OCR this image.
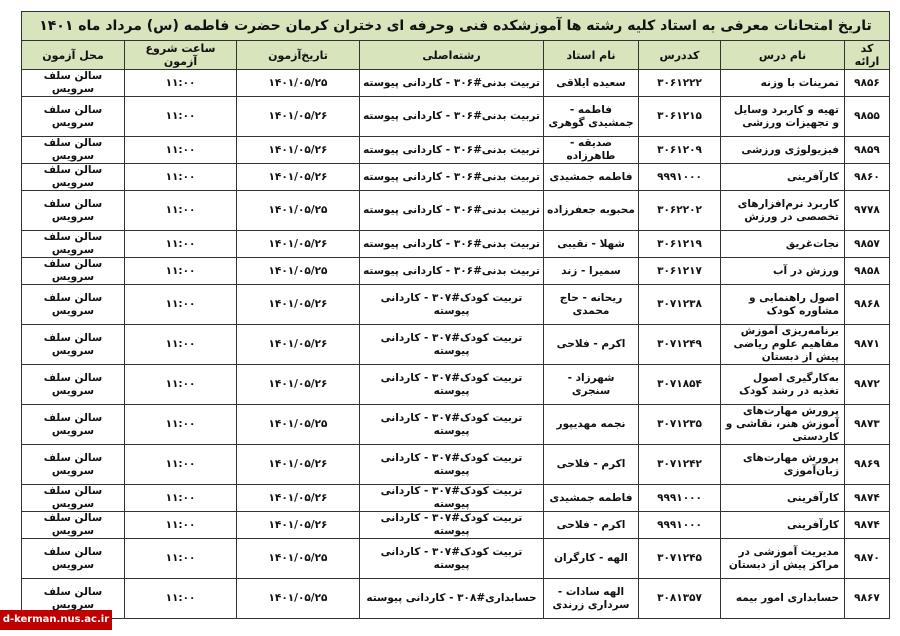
تاریخ امتحانات معرفی به استاد کلیه رشته ها آموزشکده فنی وحرفه ای دختران کرمان حضرت فاطمه (س) مرداد ماه ۱۴۰۱							
کد ارائه	نام درس	کددرس	نام استاد	رشته‌اصلی	تاریخ‌آزمون	ساعت شروع آزمون	محل آزمون
۹۸۵۶	تمرینات با وزنه	۳۰۶۱۲۲۲	سعیده ایلاقی	تربیت بدنی#۳۰۶ - کاردانی پیوسته	۱۴۰۱/۰۵/۲۵	۱۱:۰۰	سالن سلف سرویس
۹۸۵۵	تهیه و کاربرد وسایل و تجهیزات ورزشی	۳۰۶۱۲۱۵	فاطمه - جمشیدی گوهری	تربیت بدنی#۳۰۶ - کاردانی پیوسته	۱۴۰۱/۰۵/۲۶	۱۱:۰۰	سالن سلف سرویس
۹۸۵۹	فیزیولوژی ورزشی	۳۰۶۱۲۰۹	صدیقه - طاهرزاده	تربیت بدنی#۳۰۶ - کاردانی پیوسته	۱۴۰۱/۰۵/۲۶	۱۱:۰۰	سالن سلف سرویس
۹۸۶۰	کارآفرینی	۹۹۹۱۰۰۰	فاطمه جمشیدی	تربیت بدنی#۳۰۶ - کاردانی پیوسته	۱۴۰۱/۰۵/۲۶	۱۱:۰۰	سالن سلف سرویس
۹۷۷۸	کاربرد نرم‌افزارهای تخصصی در ورزش	۳۰۶۲۲۰۲	محبوبه جعفرزاده	تربیت بدنی#۳۰۶ - کاردانی پیوسته	۱۴۰۱/۰۵/۲۵	۱۱:۰۰	سالن سلف سرویس
۹۸۵۷	نجات‌غریق	۳۰۶۱۲۱۹	شهلا - نقیبی	تربیت بدنی#۳۰۶ - کاردانی پیوسته	۱۴۰۱/۰۵/۲۶	۱۱:۰۰	سالن سلف سرویس
۹۸۵۸	ورزش در آب	۳۰۶۱۲۱۷	سمیرا - زند	تربیت بدنی#۳۰۶ - کاردانی پیوسته	۱۴۰۱/۰۵/۲۵	۱۱:۰۰	سالن سلف سرویس
۹۸۶۸	اصول راهنمایی و مشاوره کودک	۳۰۷۱۲۳۸	ریحانه - حاج محمدی	تربیت کودک#۳۰۷ - کاردانی پیوسته	۱۴۰۱/۰۵/۲۶	۱۱:۰۰	سالن سلف سرویس
۹۸۷۱	برنامه‌ریزی آموزش مفاهیم علوم ریاضی پیش از دبستان	۳۰۷۱۲۴۹	اکرم - فلاحی	تربیت کودک#۳۰۷ - کاردانی پیوسته	۱۴۰۱/۰۵/۲۶	۱۱:۰۰	سالن سلف سرویس
۹۸۷۲	به‌کارگیری اصول تغذیه در رشد کودک	۳۰۷۱۸۵۴	شهرزاد - سنجری	تربیت کودک#۳۰۷ - کاردانی پیوسته	۱۴۰۱/۰۵/۲۶	۱۱:۰۰	سالن سلف سرویس
۹۸۷۳	پرورش مهارت‌های آموزش هنر، نقاشی و کاردستی	۳۰۷۱۲۳۵	نجمه مهدیپور	تربیت کودک#۳۰۷ - کاردانی پیوسته	۱۴۰۱/۰۵/۲۵	۱۱:۰۰	سالن سلف سرویس
۹۸۶۹	پرورش مهارت‌های زبان‌آموزی	۳۰۷۱۲۴۲	اکرم - فلاحی	تربیت کودک#۳۰۷ - کاردانی پیوسته	۱۴۰۱/۰۵/۲۶	۱۱:۰۰	سالن سلف سرویس
۹۸۷۴	کارآفرینی	۹۹۹۱۰۰۰	فاطمه جمشیدی	تربیت کودک#۳۰۷ - کاردانی پیوسته	۱۴۰۱/۰۵/۲۶	۱۱:۰۰	سالن سلف سرویس
۹۸۷۴	کارآفرینی	۹۹۹۱۰۰۰	اکرم - فلاحی	تربیت کودک#۳۰۷ - کاردانی پیوسته	۱۴۰۱/۰۵/۲۶	۱۱:۰۰	سالن سلف سرویس
۹۸۷۰	مدیریت آموزشی در مراکز پیش از دبستان	۳۰۷۱۲۴۵	الهه - کارگران	تربیت کودک#۳۰۷ - کاردانی پیوسته	۱۴۰۱/۰۵/۲۵	۱۱:۰۰	سالن سلف سرویس
۹۸۶۷	حسابداری امور بیمه	۳۰۸۱۳۵۷	الهه سادات - سرداری زرندی	حسابداری#۳۰۸ - کاردانی پیوسته	۱۴۰۱/۰۵/۲۵	۱۱:۰۰	سالن سلف سرویس
d-kerman.nus.ac.ir
